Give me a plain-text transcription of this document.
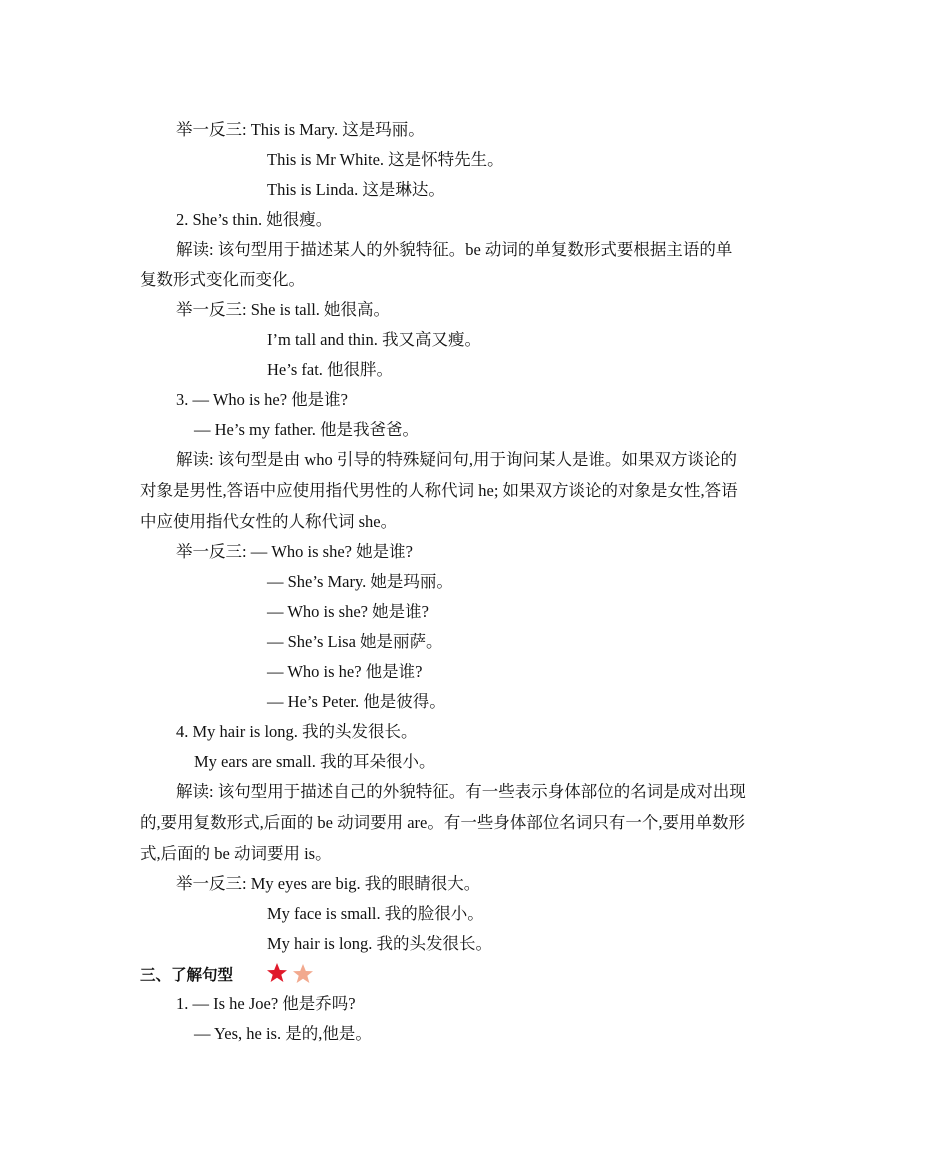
举一反三: This is Mary. 这是玛丽。
This is Mr White. 这是怀特先生。
This is Linda. 这是琳达。
2. She’s thin. 她很瘦。
解读: 该句型用于描述某人的外貌特征。be 动词的单复数形式要根据主语的单
复数形式变化而变化。
举一反三: She is tall. 她很高。
I’m tall and thin. 我又高又瘦。
He’s fat. 他很胖。
3. — Who is he? 他是谁?
— He’s my father. 他是我爸爸。
解读: 该句型是由 who 引导的特殊疑问句,用于询问某人是谁。如果双方谈论的
对象是男性,答语中应使用指代男性的人称代词 he; 如果双方谈论的对象是女性,答语
中应使用指代女性的人称代词 she。
举一反三: — Who is she? 她是谁?
— She’s Mary. 她是玛丽。
— Who is she? 她是谁?
— She’s Lisa 她是丽萨。
— Who is he? 他是谁?
— He’s Peter. 他是彼得。
4. My hair is long. 我的头发很长。
My ears are small. 我的耳朵很小。
解读: 该句型用于描述自己的外貌特征。有一些表示身体部位的名词是成对出现
的,要用复数形式,后面的 be 动词要用 are。有一些身体部位名词只有一个,要用单数形
式,后面的 be 动词要用 is。
举一反三: My eyes are big. 我的眼睛很大。
My face is small. 我的脸很小。
My hair is long. 我的头发很长。
三、了解句型
1. — Is he Joe? 他是乔吗?
— Yes, he is. 是的,他是。
